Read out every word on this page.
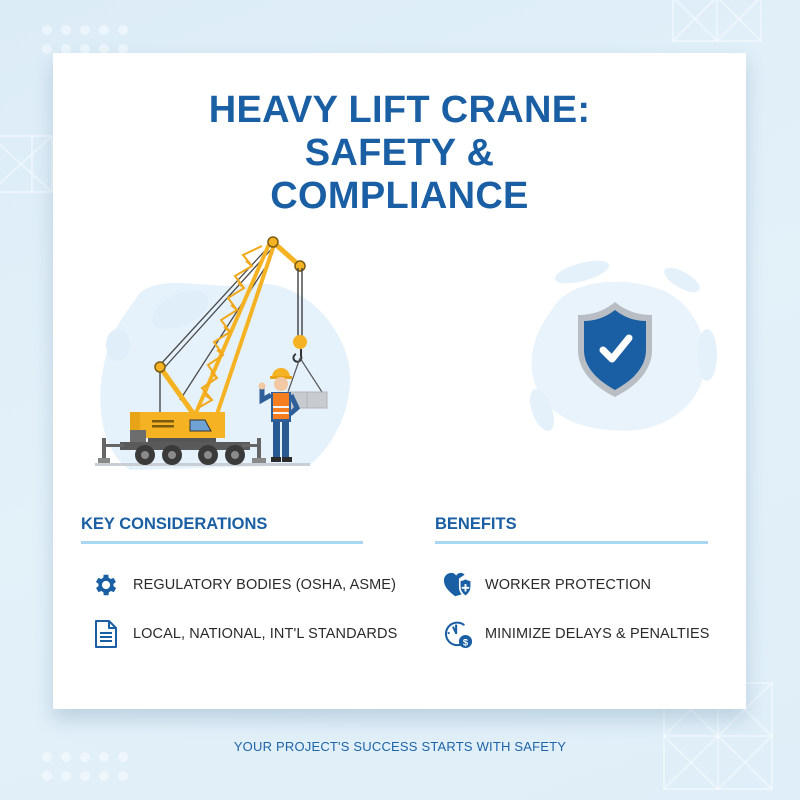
HEAVY LIFT CRANE:
SAFETY &
COMPLIANCE
KEY CONSIDERATIONS
REGULATORY BODIES (OSHA, ASME)
LOCAL, NATIONAL, INT'L STANDARDS
BENEFITS
WORKER PROTECTION
$
MINIMIZE DELAYS & PENALTIES
YOUR PROJECT'S SUCCESS STARTS WITH SAFETY
